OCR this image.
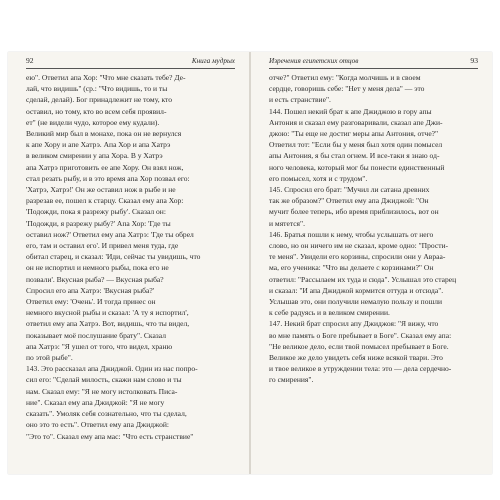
92	Книга мудрых
ею". Ответил апа Хор: "Что мне сказать тебе? Де-
лай, что видишь" (ср.: "Что видишь, то и ты
сделай, делай). Бог принадлежит не тому, кто
оставил, но тому, кто во всем себя проявил-
ет" (не видели чудо, которое ему кудали).
Великий мир был в монахе, пока он не вернулся
к апе Хору и апе Хатрэ. Апа Хор и апа Хатрэ
в великом смирении у апа Хора. В у Хатрэ
апа Хатрэ приготовить ее апе Хору. Он взял нож,
стал резать рыбу, и в это время апа Хор позвал его:
'Хатрэ, Хатрэ!' Он же оставил нож в рыбе и не
разрезав ее, пошел к старцу. Сказал ему апа Хор:
'Подожди, пока я разрежу рыбу'. Сказал он:
'Подожди, я разрежу рыбу?' Апа Хор: 'Где ты
оставил нож?' Ответил ему апа Хатрэ: 'Где ты обрел
его, там и оставил его'. И привел меня туда, где
обитал старец, и сказал: 'Иди, сейчас ты увидишь, что
он не испортил и немного рыбы, пока его не
позвали'. Вкусная рыба? — Вкусная рыба?
Спросил его апа Хатрэ: 'Вкусная рыба?'
Ответил ему: 'Очень'. И тогда принес он
немного вкусной рыбы и сказал: 'А ту я испортил',
ответил ему апа Хатрэ. Вот, видишь, что ты видел,
показывает моё послушание брату". Сказал
апа Хатрэ: "Я ушел от того, что видел, храню
по этой рыбе".
143. Это рассказал апа Джиджой. Один из нас попро-
сил его: "Сделай милость, скажи нам слово и ты
нам. Сказал ему: "Я не могу истолковать Писа-
ние". Сказал ему апа Джиджой: "Я не могу
сказать". Умоляк себя сознательно, что ты сделал,
оно это то есть". Ответил ему апа Джиджой:
"Это то". Сказал ему апа мас: "Что есть странствие"
Изречения египетских отцов	93
отче?" Ответил ему: "Когда молчишь и в своем
сердце, говоришь себе: "Нет у меня дела" — это
и есть странствие".
144. Пошел некий брат к апе Джиджою в гору апы
Антония и сказал ему разговаривали, сказал апе Джи-
джою: "Ты еще не достиг меры апы Антония, отче?"
Ответил тот: "Если бы у меня был хотя один помысел
апы Антония, я бы стал огнем. И все-таки я знаю од-
ного человека, который мог бы понести единственный
его помысел, хотя и с трудом".
145. Спросил его брат: "Мучил ли сатана древних
так же образом?" Ответил ему апа Джиджой: "Он
мучит более теперь, ибо время приблизилось, вот он
и мятется".
146. Братья пошли к нему, чтобы услышать от него
слово, но он ничего им не сказал, кроме одно: "Прости-
те меня". Увидели его корзины, спросили они у Авраа-
ма, его ученика: "Что вы делаете с корзинами?" Он
ответил: "Рассылаем их туда и сюда". Услышал это старец
и сказал: "И апа Джиджой кормится оттуда и отсюда".
Услышав это, они получили немалую пользу и пошли
к себе радуясь и в великом смирении.
147. Некий брат спросил апу Джиджоя: "Я вижу, что
во мне память о Боге пребывает в Боге". Сказал ему апа:
"Не великое дело, если твой помысел пребывает в Боге.
Великое же дело увидеть себя ниже всякой твари. Это
и твое великое в утруждении тела: это — дела сердечно-
го смирения".
